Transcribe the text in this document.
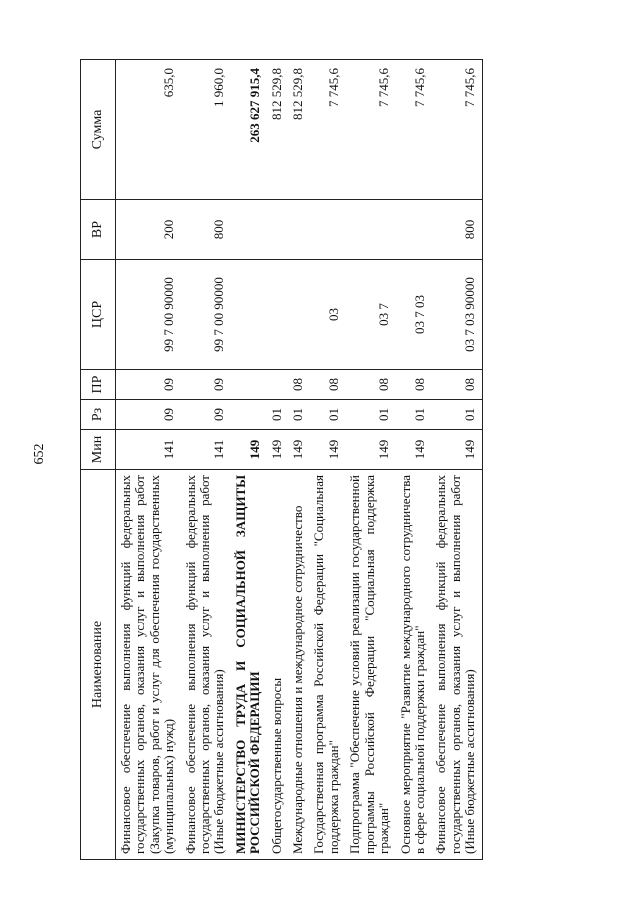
652
Наименование	Мин	Рз	ПР	ЦСР	ВР	Сумма
Финансовое обеспечение выполнения функций федеральных государственных органов, оказания услуг и выполнения работ (Закупка товаров, работ и услуг для обеспечения государственных (муниципальных) нужд)	141	09	09	99 7 00 90000	200	635,0
Финансовое обеспечение выполнения функций федеральных государственных органов, оказания услуг и выполнения работ (Иные бюджетные ассигнования)	141	09	09	99 7 00 90000	800	1 960,0
МИНИСТЕРСТВО ТРУДА И СОЦИАЛЬНОЙ ЗАЩИТЫ РОССИЙСКОЙ ФЕДЕРАЦИИ	149					263 627 915,4
Общегосударственные вопросы	149	01				812 529,8
Международные отношения и международное сотрудничество	149	01	08			812 529,8
Государственная программа Российской Федерации "Социальная поддержка граждан"	149	01	08	03		7 745,6
Подпрограмма "Обеспечение условий реализации государственной программы Российской Федерации "Социальная поддержка граждан"	149	01	08	03 7		7 745,6
Основное мероприятие "Развитие международного сотрудничества в сфере социальной поддержки граждан"	149	01	08	03 7 03		7 745,6
Финансовое обеспечение выполнения функций федеральных государственных органов, оказания услуг и выполнения работ (Иные бюджетные ассигнования)	149	01	08	03 7 03 90000	800	7 745,6
